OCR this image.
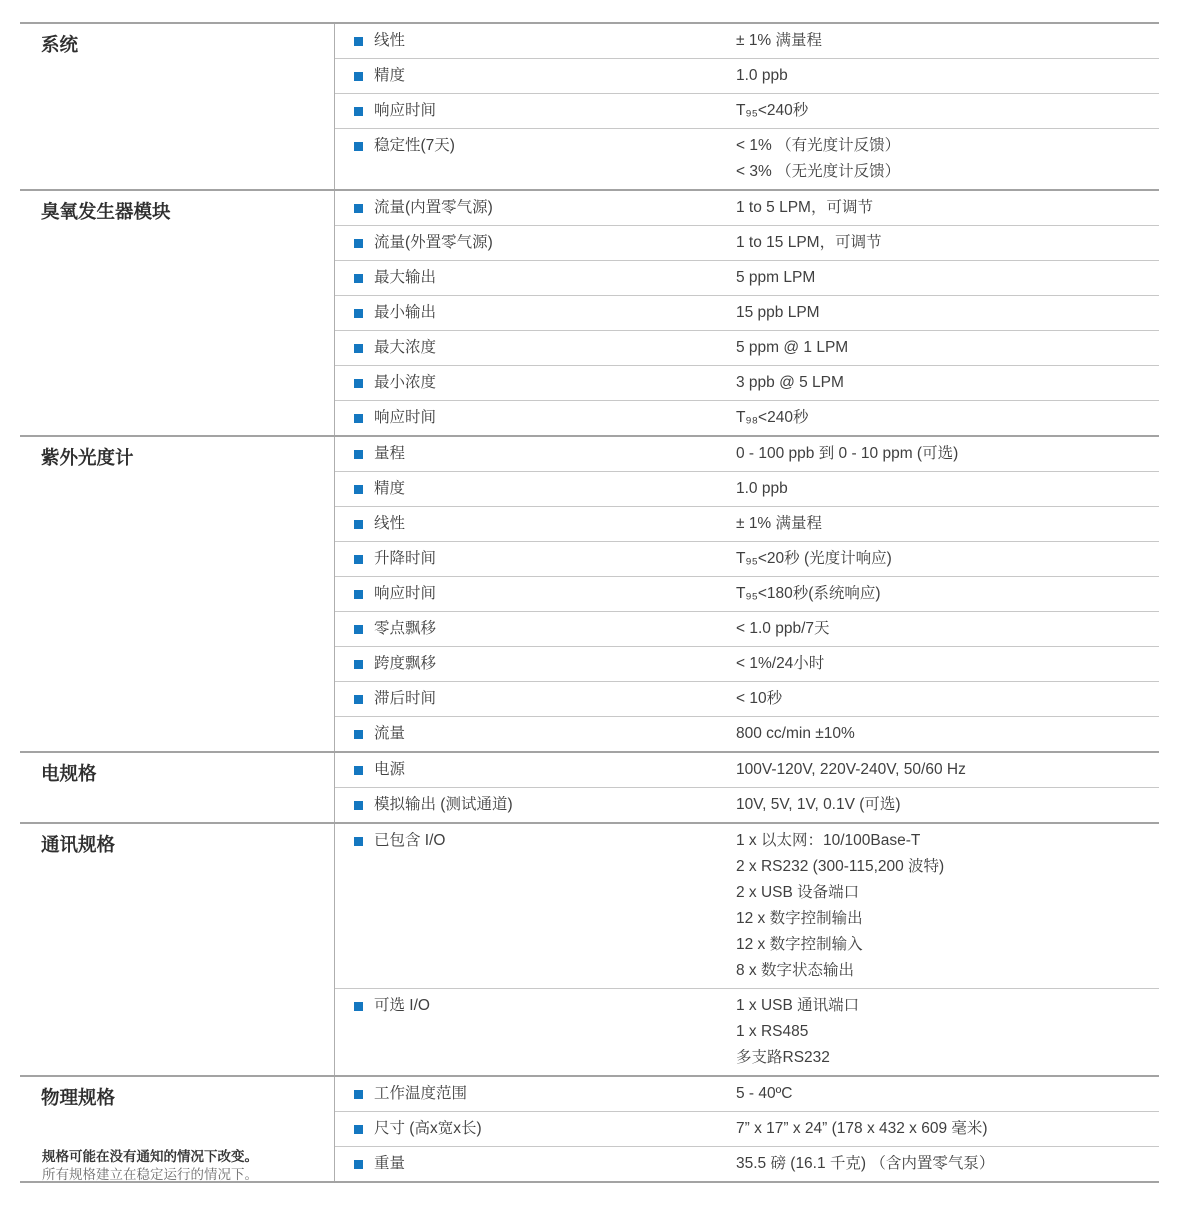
系统	线性	± 1% 满量程
精度	1.0 ppb
响应时间	T₉₅<240秒
稳定性(7天)	< 1% （有光度计反馈）
< 3% （无光度计反馈）
臭氧发生器模块	流量(内置零气源)	1 to 5 LPM，可调节
流量(外置零气源)	1 to 15 LPM，可调节
最大输出	5 ppm LPM
最小输出	15 ppb LPM
最大浓度	5 ppm @ 1 LPM
最小浓度	3 ppb @ 5 LPM
响应时间	T₉₈<240秒
紫外光度计	量程	0 - 100 ppb 到 0 - 10 ppm (可选)
精度	1.0 ppb
线性	± 1% 满量程
升降时间	T₉₅<20秒 (光度计响应)
响应时间	T₉₅<180秒(系统响应)
零点飘移	< 1.0 ppb/7天
跨度飘移	< 1%/24小时
滞后时间	< 10秒
流量	800 cc/min ±10%
电规格	电源	100V-120V, 220V-240V, 50/60 Hz
模拟输出 (测试通道)	10V, 5V, 1V, 0.1V (可选)
通讯规格	已包含 I/O	1 x 以太网：10/100Base-T
2 x RS232 (300-115,200 波特)
2 x USB 设备端口
12 x 数字控制输出
12 x 数字控制输入
8 x 数字状态输出
可选 I/O	1 x USB 通讯端口
1 x RS485
多支路RS232
物理规格	工作温度范围	5 - 40ºC
尺寸 (高x宽x长)	7” x 17” x 24” (178 x 432 x 609 毫米)
重量	35.5 磅 (16.1 千克) （含内置零气泵）
规格可能在没有通知的情况下改变。
所有规格建立在稳定运行的情况下。
